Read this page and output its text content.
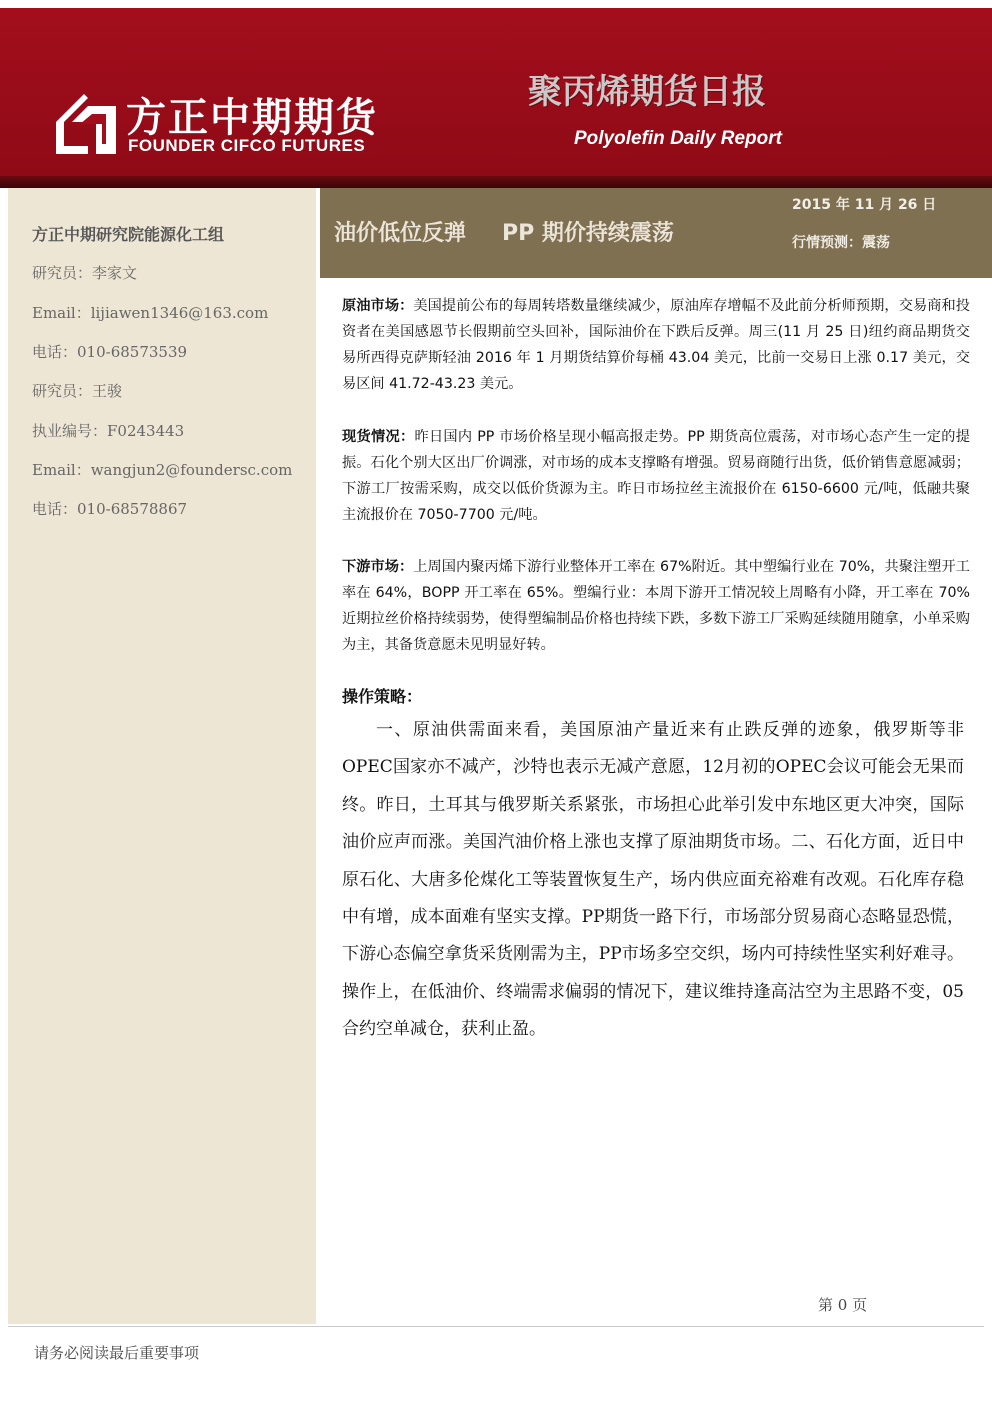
方正中期期货
FOUNDER CIFCO FUTURES
聚丙烯期货日报
Polyolefin Daily Report
方正中期研究院能源化工组
研究员：李家文
Email：lijiawen1346@163.com
电话：010-68573539
研究员：王骏
执业编号：F0243443
Email：wangjun2@foundersc.com
电话：010-68578867
油价低位反弹 PP 期价持续震荡
2015 年 11 月 26 日
行情预测：震荡
原油市场：美国提前公布的每周转塔数量继续减少，原油库存增幅不及此前分析师预期，交易商和投资者在美国感恩节长假期前空头回补，国际油价在下跌后反弹。周三(11 月 25 日)纽约商品期货交易所西得克萨斯轻油 2016 年 1 月期货结算价每桶 43.04 美元，比前一交易日上涨 0.17 美元，交易区间 41.72-43.23 美元。
现货情况：昨日国内 PP 市场价格呈现小幅高报走势。PP 期货高位震荡，对市场心态产生一定的提振。石化个别大区出厂价调涨，对市场的成本支撑略有增强。贸易商随行出货，低价销售意愿减弱；下游工厂按需采购，成交以低价货源为主。昨日市场拉丝主流报价在 6150-6600 元/吨，低融共聚主流报价在 7050-7700 元/吨。
下游市场：上周国内聚丙烯下游行业整体开工率在 67%附近。其中塑编行业在 70%，共聚注塑开工率在 64%，BOPP 开工率在 65%。塑编行业：本周下游开工情况较上周略有小降，开工率在 70%近期拉丝价格持续弱势，使得塑编制品价格也持续下跌，多数下游工厂采购延续随用随拿，小单采购为主，其备货意愿未见明显好转。
操作策略：
一、原油供需面来看，美国原油产量近来有止跌反弹的迹象，俄罗斯等非OPEC国家亦不减产，沙特也表示无减产意愿，12月初的OPEC会议可能会无果而终。昨日，土耳其与俄罗斯关系紧张，市场担心此举引发中东地区更大冲突，国际油价应声而涨。美国汽油价格上涨也支撑了原油期货市场。二、石化方面，近日中原石化、大唐多伦煤化工等装置恢复生产，场内供应面充裕难有改观。石化库存稳中有增，成本面难有坚实支撑。PP期货一路下行，市场部分贸易商心态略显恐慌，下游心态偏空拿货采货刚需为主，PP市场多空交织，场内可持续性坚实利好难寻。操作上，在低油价、终端需求偏弱的情况下，建议维持逢高沽空为主思路不变，05合约空单减仓，获利止盈。
第 0 页
请务必阅读最后重要事项
